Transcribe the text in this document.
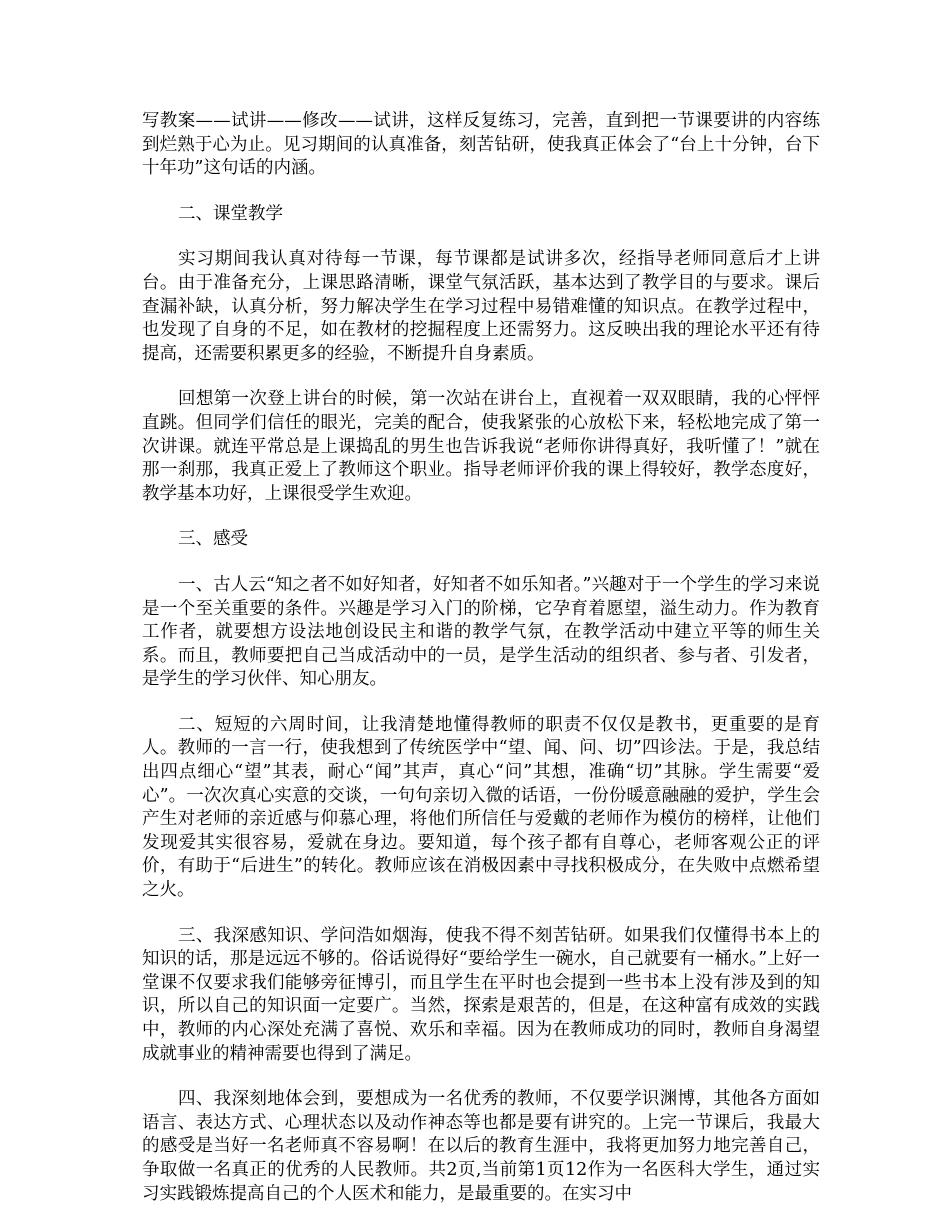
写教案——试讲——修改——试讲，这样反复练习，完善，直到把一节课要讲的内容练到烂熟于心为止。见习期间的认真准备，刻苦钻研，使我真正体会了“台上十分钟，台下十年功”这句话的内涵。

二、课堂教学

实习期间我认真对待每一节课，每节课都是试讲多次，经指导老师同意后才上讲台。由于准备充分，上课思路清晰，课堂气氛活跃，基本达到了教学目的与要求。课后查漏补缺，认真分析，努力解决学生在学习过程中易错难懂的知识点。在教学过程中，也发现了自身的不足，如在教材的挖掘程度上还需努力。这反映出我的理论水平还有待提高，还需要积累更多的经验，不断提升自身素质。

回想第一次登上讲台的时候，第一次站在讲台上，直视着一双双眼睛，我的心怦怦直跳。但同学们信任的眼光，完美的配合，使我紧张的心放松下来，轻松地完成了第一次讲课。就连平常总是上课捣乱的男生也告诉我说“老师你讲得真好，我听懂了！”就在那一刹那，我真正爱上了教师这个职业。指导老师评价我的课上得较好，教学态度好，教学基本功好，上课很受学生欢迎。

三、感受

一、古人云“知之者不如好知者，好知者不如乐知者。”兴趣对于一个学生的学习来说是一个至关重要的条件。兴趣是学习入门的阶梯，它孕育着愿望，溢生动力。作为教育工作者，就要想方设法地创设民主和谐的教学气氛，在教学活动中建立平等的师生关系。而且，教师要把自己当成活动中的一员，是学生活动的组织者、参与者、引发者，是学生的学习伙伴、知心朋友。

二、短短的六周时间，让我清楚地懂得教师的职责不仅仅是教书，更重要的是育人。教师的一言一行，使我想到了传统医学中“望、闻、问、切”四诊法。于是，我总结出四点细心“望”其表，耐心“闻”其声，真心“问”其想，准确“切”其脉。学生需要“爱心”。一次次真心实意的交谈，一句句亲切入微的话语，一份份暖意融融的爱护，学生会产生对老师的亲近感与仰慕心理，将他们所信任与爱戴的老师作为模仿的榜样，让他们发现爱其实很容易，爱就在身边。要知道，每个孩子都有自尊心，老师客观公正的评价，有助于“后进生”的转化。教师应该在消极因素中寻找积极成分，在失败中点燃希望之火。

三、我深感知识、学问浩如烟海，使我不得不刻苦钻研。如果我们仅懂得书本上的知识的话，那是远远不够的。俗话说得好“要给学生一碗水，自己就要有一桶水。”上好一堂课不仅要求我们能够旁征博引，而且学生在平时也会提到一些书本上没有涉及到的知识，所以自己的知识面一定要广。当然，探索是艰苦的，但是，在这种富有成效的实践中，教师的内心深处充满了喜悦、欢乐和幸福。因为在教师成功的同时，教师自身渴望成就事业的精神需要也得到了满足。

四、我深刻地体会到，要想成为一名优秀的教师，不仅要学识渊博，其他各方面如语言、表达方式、心理状态以及动作神态等也都是要有讲究的。上完一节课后，我最大的感受是当好一名老师真不容易啊！在以后的教育生涯中，我将更加努力地完善自己，争取做一名真正的优秀的人民教师。共2页,当前第1页12作为一名医科大学生，通过实习实践锻炼提高自己的个人医术和能力，是最重要的。在实习中
